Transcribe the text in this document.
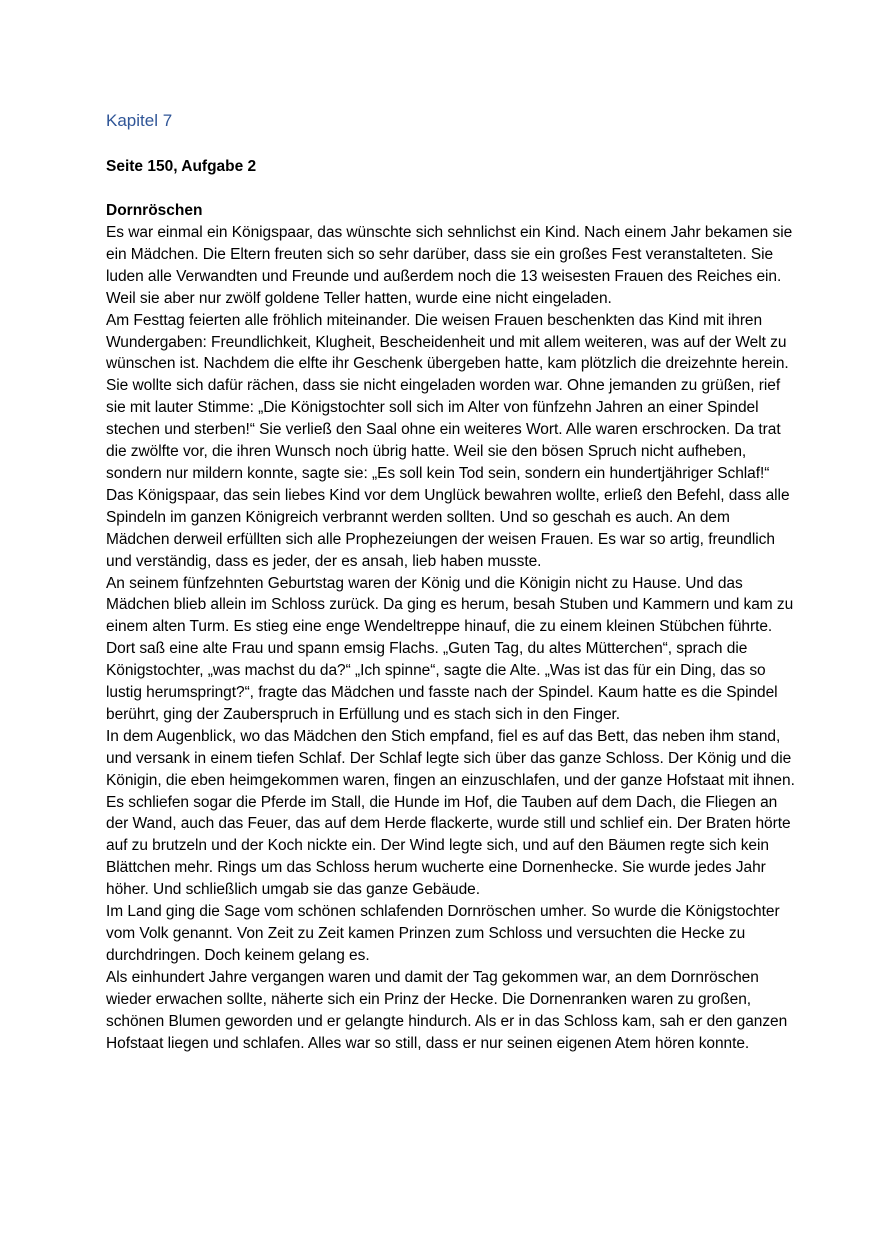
Kapitel 7
Seite 150, Aufgabe 2
Dornröschen

Es war einmal ein Königspaar, das wünschte sich sehnlichst ein Kind. Nach einem Jahr bekamen sie ein Mädchen. Die Eltern freuten sich so sehr darüber, dass sie ein großes Fest veranstalteten. Sie luden alle Verwandten und Freunde und außerdem noch die 13 weisesten Frauen des Reiches ein. Weil sie aber nur zwölf goldene Teller hatten, wurde eine nicht eingeladen.

Am Festtag feierten alle fröhlich miteinander. Die weisen Frauen beschenkten das Kind mit ihren Wundergaben: Freundlichkeit, Klugheit, Bescheidenheit und mit allem weiteren, was auf der Welt zu wünschen ist. Nachdem die elfte ihr Geschenk übergeben hatte, kam plötzlich die dreizehnte herein. Sie wollte sich dafür rächen, dass sie nicht eingeladen worden war. Ohne jemanden zu grüßen, rief sie mit lauter Stimme: „Die Königstochter soll sich im Alter von fünfzehn Jahren an einer Spindel stechen und sterben!“ Sie verließ den Saal ohne ein weiteres Wort. Alle waren erschrocken. Da trat die zwölfte vor, die ihren Wunsch noch übrig hatte. Weil sie den bösen Spruch nicht aufheben, sondern nur mildern konnte, sagte sie: „Es soll kein Tod sein, sondern ein hundertjähriger Schlaf!“

Das Königspaar, das sein liebes Kind vor dem Unglück bewahren wollte, erließ den Befehl, dass alle Spindeln im ganzen Königreich verbrannt werden sollten. Und so geschah es auch. An dem Mädchen derweil erfüllten sich alle Prophezeiungen der weisen Frauen. Es war so artig, freundlich und verständig, dass es jeder, der es ansah, lieb haben musste.

An seinem fünfzehnten Geburtstag waren der König und die Königin nicht zu Hause. Und das Mädchen blieb allein im Schloss zurück. Da ging es herum, besah Stuben und Kammern und kam zu einem alten Turm. Es stieg eine enge Wendeltreppe hinauf, die zu einem kleinen Stübchen führte. Dort saß eine alte Frau und spann emsig Flachs. „Guten Tag, du altes Mütterchen“, sprach die Königstochter, „was machst du da?“ „Ich spinne“, sagte die Alte. „Was ist das für ein Ding, das so lustig herumspringt?“, fragte das Mädchen und fasste nach der Spindel. Kaum hatte es die Spindel berührt, ging der Zauberspruch in Erfüllung und es stach sich in den Finger.

In dem Augenblick, wo das Mädchen den Stich empfand, fiel es auf das Bett, das neben ihm stand, und versank in einem tiefen Schlaf. Der Schlaf legte sich über das ganze Schloss. Der König und die Königin, die eben heimgekommen waren, fingen an einzuschlafen, und der ganze Hofstaat mit ihnen. Es schliefen sogar die Pferde im Stall, die Hunde im Hof, die Tauben auf dem Dach, die Fliegen an der Wand, auch das Feuer, das auf dem Herde flackerte, wurde still und schlief ein. Der Braten hörte auf zu brutzeln und der Koch nickte ein. Der Wind legte sich, und auf den Bäumen regte sich kein Blättchen mehr. Rings um das Schloss herum wucherte eine Dornenhecke. Sie wurde jedes Jahr höher. Und schließlich umgab sie das ganze Gebäude.

Im Land ging die Sage vom schönen schlafenden Dornröschen umher. So wurde die Königstochter vom Volk genannt. Von Zeit zu Zeit kamen Prinzen zum Schloss und versuchten die Hecke zu durchdringen. Doch keinem gelang es.

Als einhundert Jahre vergangen waren und damit der Tag gekommen war, an dem Dornröschen wieder erwachen sollte, näherte sich ein Prinz der Hecke. Die Dornenranken waren zu großen, schönen Blumen geworden und er gelangte hindurch. Als er in das Schloss kam, sah er den ganzen Hofstaat liegen und schlafen. Alles war so still, dass er nur seinen eigenen Atem hören konnte.
